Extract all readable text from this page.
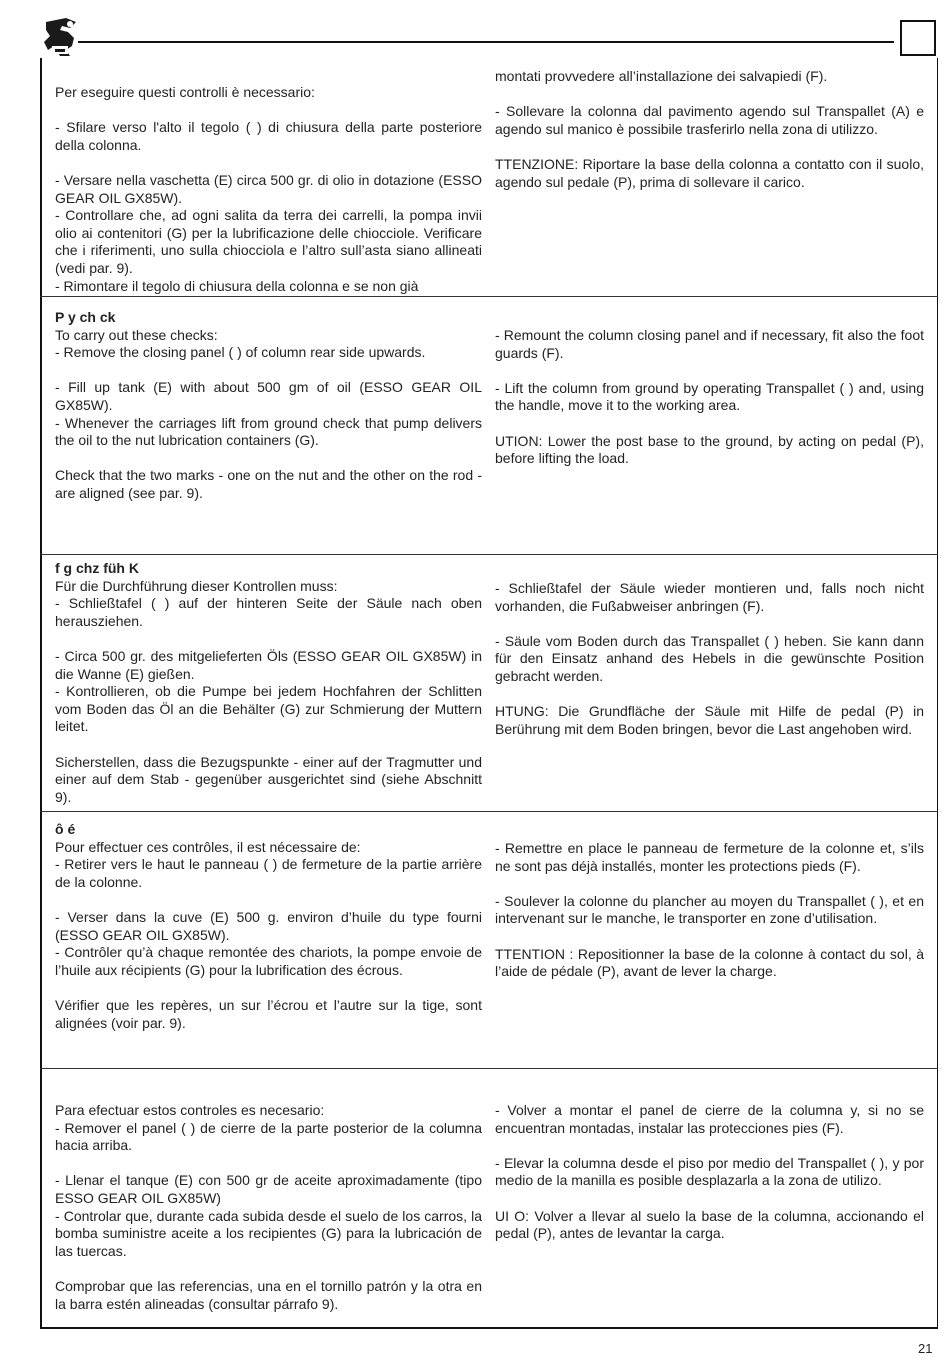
Per eseguire questi controlli è necessario:

- Sfilare verso l'alto il tegolo ( ) di chiusura della parte posteriore della colonna.

- Versare nella vaschetta (E) circa 500 gr. di olio in dotazione (ESSO GEAR OIL GX85W).

- Controllare che, ad ogni salita da terra dei carrelli, la pompa invii olio ai contenitori (G) per la lubrificazione delle chiocciole. Verificare che i riferimenti, uno sulla chiocciola e l’altro sull’asta siano allineati (vedi par. 9).

- Rimontare il tegolo di chiusura della colonna e se non già

montati provvedere all’installazione dei salvapiedi (F).

- Sollevare la colonna dal pavimento agendo sul Transpallet (A) e agendo sul manico è possibile trasferirlo nella zona di utilizzo.

TTENZIONE: Riportare la base della colonna a contatto con il suolo, agendo sul pedale (P), prima di sollevare il carico.

P y ch ck

To carry out these checks:

- Remove the closing panel ( ) of column rear side upwards.

- Fill up tank (E) with about 500 gm of oil (ESSO GEAR OIL GX85W).

- Whenever the carriages lift from ground check that pump delivers the oil to the nut lubrication containers (G).

Check that the two marks - one on the nut and the other on the rod - are aligned (see par. 9).

- Remount the column closing panel and if necessary, fit also the foot guards (F).

- Lift the column from ground by operating Transpallet ( ) and, using the handle, move it to the working area.

UTION: Lower the post base to the ground, by acting on pedal (P), before lifting the load.

f g chz füh K

Für die Durchführung dieser Kontrollen muss:

- Schließtafel ( ) auf der hinteren Seite der Säule nach oben herausziehen.

- Circa 500 gr. des mitgelieferten Öls (ESSO GEAR OIL GX85W) in die Wanne (E) gießen.

- Kontrollieren, ob die Pumpe bei jedem Hochfahren der Schlitten vom Boden das Öl an die Behälter (G) zur Schmierung der Muttern leitet.

Sicherstellen, dass die Bezugspunkte - einer auf der Tragmutter und einer auf dem Stab - gegenüber ausgerichtet sind (siehe Abschnitt 9).

- Schließtafel der Säule wieder montieren und, falls noch nicht vorhanden, die Fußabweiser anbringen (F).

- Säule vom Boden durch das Transpallet ( ) heben. Sie kann dann für den Einsatz anhand des Hebels in die gewünschte Position gebracht werden.

HTUNG: Die Grundfläche der Säule mit Hilfe de pedal (P) in Berührung mit dem Boden bringen, bevor die Last angehoben wird.

ô é

Pour effectuer ces contrôles, il est nécessaire de:

- Retirer vers le haut le panneau ( ) de fermeture de la partie arrière de la colonne.

- Verser dans la cuve (E) 500 g. environ d’huile du type fourni (ESSO GEAR OIL GX85W).

- Contrôler qu’à chaque remontée des chariots, la pompe envoie de l’huile aux récipients (G) pour la lubrification des écrous.

Vérifier que les repères, un sur l’écrou et l’autre sur la tige, sont alignées (voir par. 9).

- Remettre en place le panneau de fermeture de la colonne et, s’ils ne sont pas déjà installés, monter les protections pieds (F).

- Soulever la colonne du plancher au moyen du Transpallet ( ), et en intervenant sur le manche, le transporter en zone d’utilisation.

TTENTION : Repositionner la base de la colonne à contact du sol, à l’aide de pédale (P), avant de lever la charge.

Para efectuar estos controles es necesario:

- Remover el panel ( ) de cierre de la parte posterior de la columna hacia arriba.

- Llenar el tanque (E) con 500 gr de aceite aproximadamente (tipo ESSO GEAR OIL GX85W)

- Controlar que, durante cada subida desde el suelo de los carros, la bomba suministre aceite a los recipientes (G) para la lubricación de las tuercas.

Comprobar que las referencias, una en el tornillo patrón y la otra en la barra estén alineadas (consultar párrafo 9).

- Volver a montar el panel de cierre de la columna y, si no se encuentran montadas, instalar las protecciones pies (F).

- Elevar la columna desde el piso por medio del Transpallet ( ), y por medio de la manilla es posible desplazarla a la zona de utilizo.

UI O: Volver a llevar al suelo la base de la columna, accionando el pedal (P), antes de levantar la carga.

21
